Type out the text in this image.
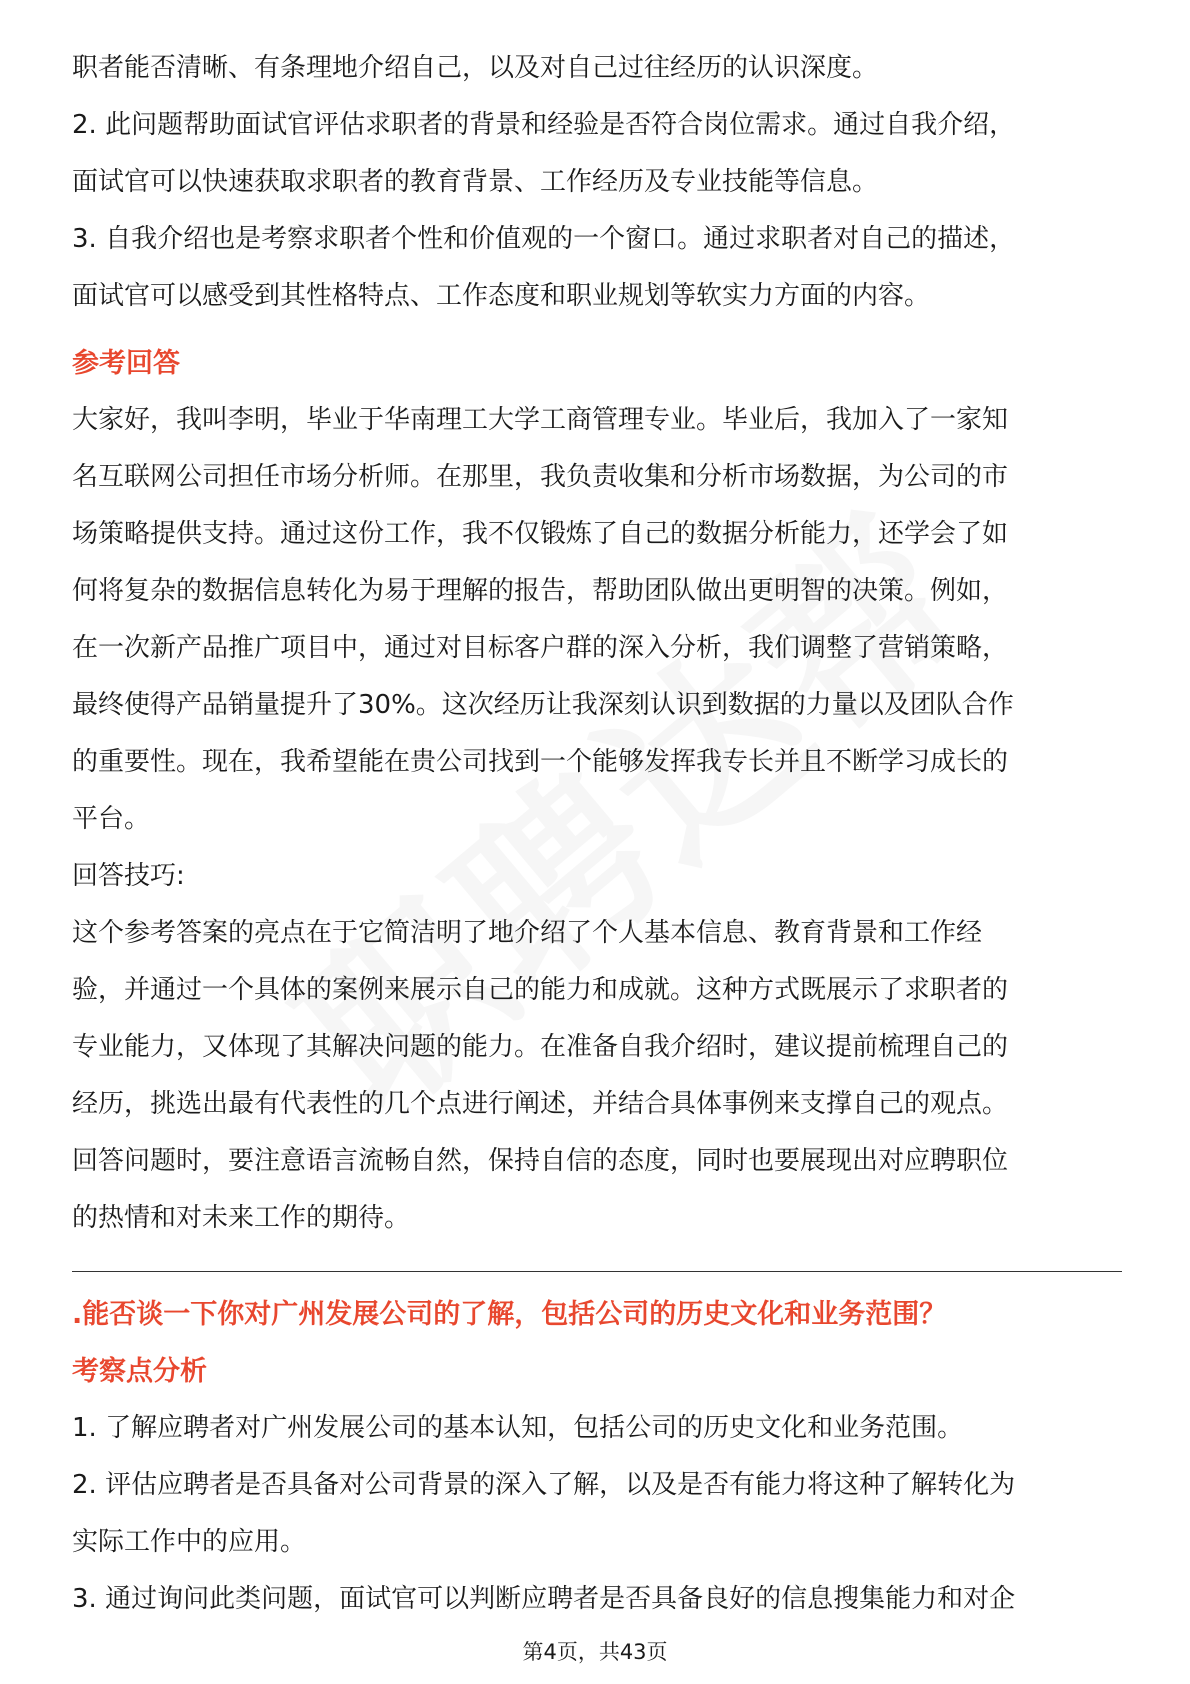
职者能否清晰、有条理地介绍自己，以及对自己过往经历的认识深度。

2. 此问题帮助面试官评估求职者的背景和经验是否符合岗位需求。通过自我介绍，

面试官可以快速获取求职者的教育背景、工作经历及专业技能等信息。

3. 自我介绍也是考察求职者个性和价值观的一个窗口。通过求职者对自己的描述，

面试官可以感受到其性格特点、工作态度和职业规划等软实力方面的内容。

参考回答

大家好，我叫李明，毕业于华南理工大学工商管理专业。毕业后，我加入了一家知

名互联网公司担任市场分析师。在那里，我负责收集和分析市场数据，为公司的市

场策略提供支持。通过这份工作，我不仅锻炼了自己的数据分析能力，还学会了如

何将复杂的数据信息转化为易于理解的报告，帮助团队做出更明智的决策。例如，

在一次新产品推广项目中，通过对目标客户群的深入分析，我们调整了营销策略，

最终使得产品销量提升了30%。这次经历让我深刻认识到数据的力量以及团队合作

的重要性。现在，我希望能在贵公司找到一个能够发挥我专长并且不断学习成长的

平台。

回答技巧:

这个参考答案的亮点在于它简洁明了地介绍了个人基本信息、教育背景和工作经

验，并通过一个具体的案例来展示自己的能力和成就。这种方式既展示了求职者的

专业能力，又体现了其解决问题的能力。在准备自我介绍时，建议提前梳理自己的

经历，挑选出最有代表性的几个点进行阐述，并结合具体事例来支撑自己的观点。

回答问题时，要注意语言流畅自然，保持自信的态度，同时也要展现出对应聘职位

的热情和对未来工作的期待。

.能否谈一下你对广州发展公司的了解，包括公司的历史文化和业务范围？

考察点分析

1. 了解应聘者对广州发展公司的基本认知，包括公司的历史文化和业务范围。

2. 评估应聘者是否具备对公司背景的深入了解，以及是否有能力将这种了解转化为

实际工作中的应用。

3. 通过询问此类问题，面试官可以判断应聘者是否具备良好的信息搜集能力和对企

第4页，共43页
